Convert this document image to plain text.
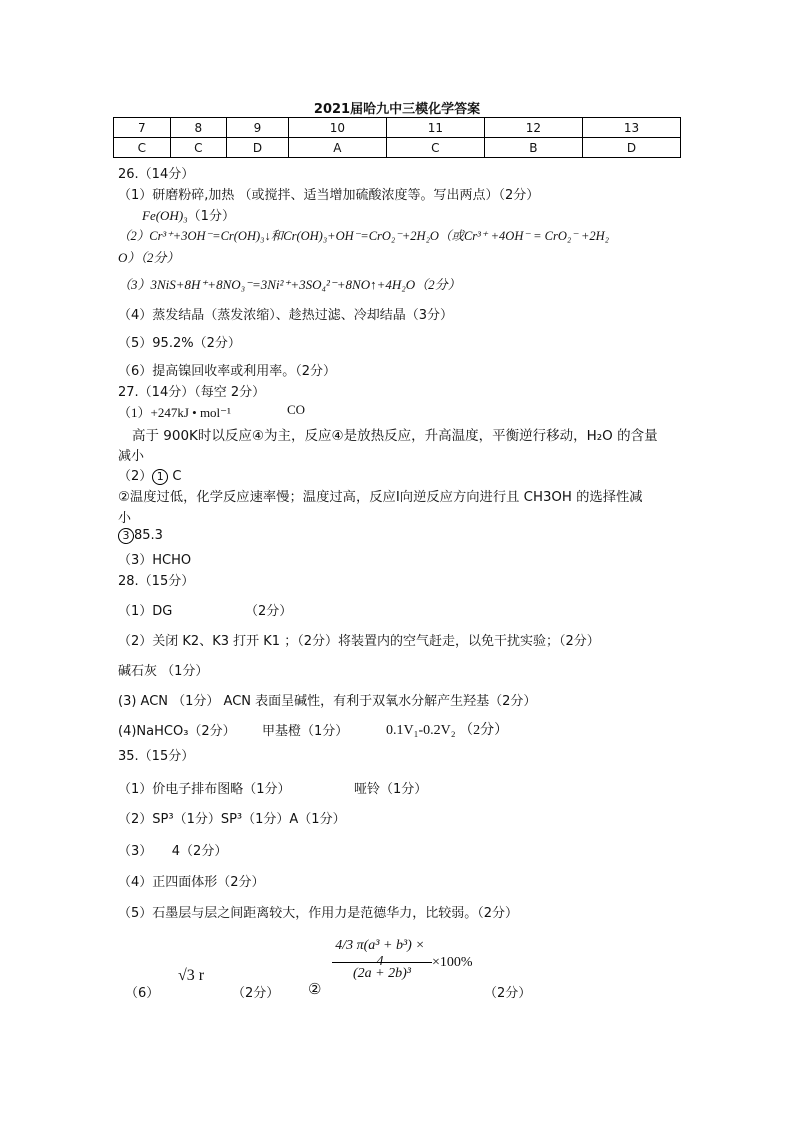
2021届哈九中三模化学答案
7	8	9	10	11	12	13
C	C	D	A	C	B	D
26.（14分）
（1）研磨粉碎,加热 （或搅拌、适当增加硫酸浓度等。写出两点）（2分）
Fe(OH)₃（1分）
（2）Cr³⁺+3OH⁻=Cr(OH)₃↓和Cr(OH)₃+OH⁻=CrO₂⁻+2H₂O（或Cr³⁺ +4OH⁻ = CrO₂⁻ +2H₂
O）（2分）
（3）3NiS+8H⁺+8NO₃⁻=3Ni²⁺+3SO₄²⁻+8NO↑+4H₂O（2分）
（4）蒸发结晶（蒸发浓缩）、趁热过滤、冷却结晶（3分）
（5）95.2%（2分）
（6）提高镍回收率或利用率。（2分）
27.（14分）（每空 2分）
（1）+247kJ • mol⁻¹	CO
高于 900K时以反应④为主，反应④是放热反应，升高温度，平衡逆行移动，H₂O 的含量
减小
（2） 1 C
②温度过低，化学反应速率慢；温度过高，反应Ⅰ向逆反应方向进行且 CH3OH 的选择性减
小
3 85.3
（3）HCHO
28.（15分）
（1）DG	（2分）
（2）关闭 K2、K3 打开 K1 ；（2分）将装置内的空气赶走，以免干扰实验；（2分）
碱石灰 （1分）
(3) ACN （1分） ACN 表面呈碱性，有利于双氧水分解产生羟基（2分）
(4)NaHCO₃（2分） 甲基橙（1分）	0.1V₁-0.2V₂ （2分）
35.（15分）
（1）价电子排布图略（1分）	哑铃（1分）
（2）SP³（1分）SP³（1分）A（1分）
（3）　　4（2分）
（4）正四面体形（2分）
（5）石墨层与层之间距离较大，作用力是范德华力，比较弱。（2分）
（6）
√3 r
（2分） ②
4/3 π(a³ + b³) ×
(2a + 2b)³
×100%
（2分）
